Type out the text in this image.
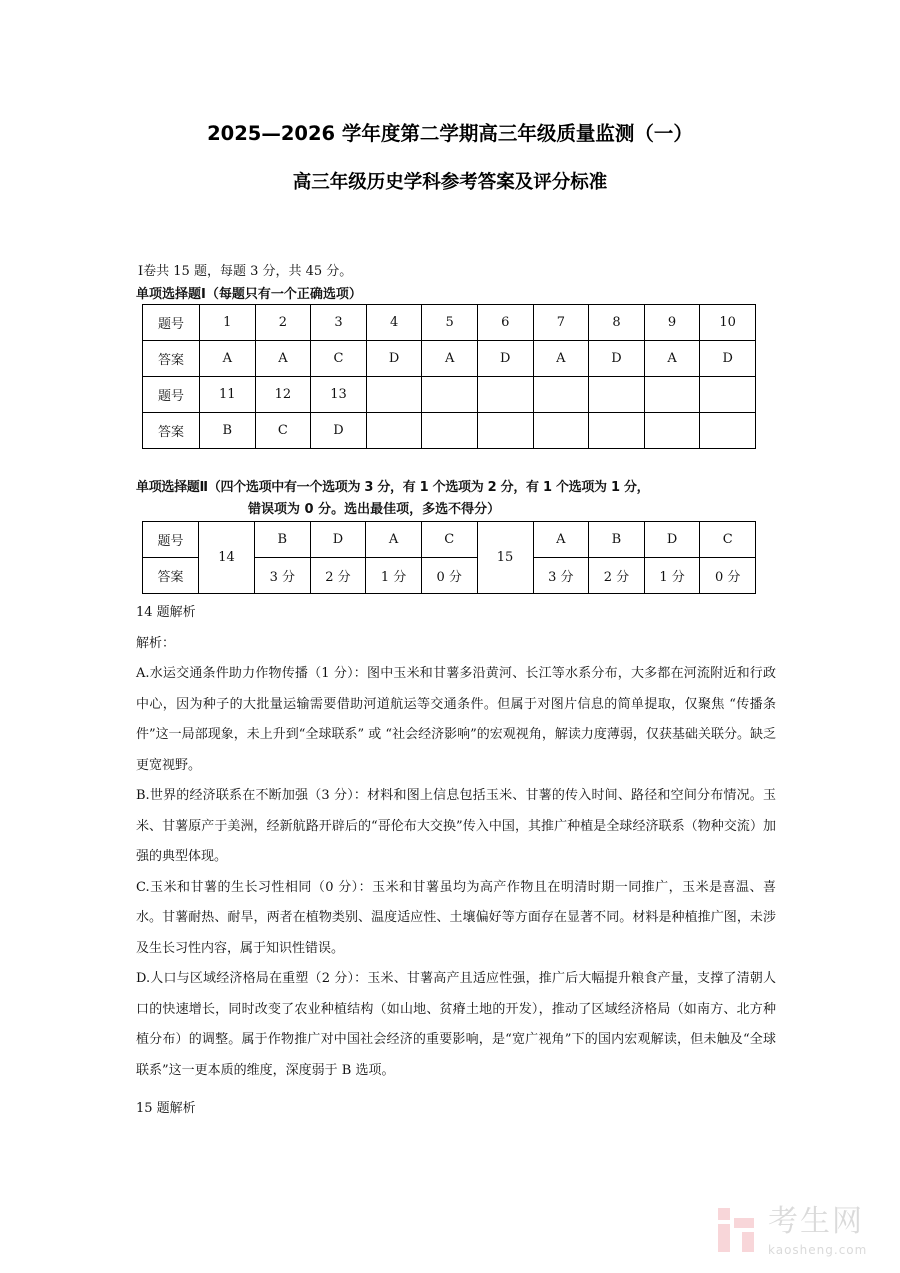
2025—2026 学年度第二学期高三年级质量监测（一）
高三年级历史学科参考答案及评分标准
Ⅰ卷共 15 题，每题 3 分，共 45 分。
单项选择题Ⅰ（每题只有一个正确选项）
题号	1	2	3	4	5	6	7	8	9	10
答案	A	A	C	D	A	D	A	D	A	D
题号	11	12	13							
答案	B	C	D							
单项选择题Ⅱ（四个选项中有一个选项为 3 分，有 1 个选项为 2 分，有 1 个选项为 1 分，
错误项为 0 分。选出最佳项，多选不得分）
题号	14	B	D	A	C	15	A	B	D	C
答案		3 分	2 分	1 分	0 分		3 分	2 分	1 分	0 分

14 题解析

解析：

A.水运交通条件助力作物传播（1 分）：图中玉米和甘薯多沿黄河、长江等水系分布，大多都在河流附近和行政中心，因为种子的大批量运输需要借助河道航运等交通条件。但属于对图片信息的简单提取，仅聚焦 “传播条件”这一局部现象，未上升到“全球联系” 或 “社会经济影响”的宏观视角，解读力度薄弱，仅获基础关联分。缺乏更宽视野。

B.世界的经济联系在不断加强（3 分）：材料和图上信息包括玉米、甘薯的传入时间、路径和空间分布情况。玉米、甘薯原产于美洲，经新航路开辟后的“哥伦布大交换”传入中国，其推广种植是全球经济联系（物种交流）加强的典型体现。

C.玉米和甘薯的生长习性相同（0 分）：玉米和甘薯虽均为高产作物且在明清时期一同推广，玉米是喜温、喜水。甘薯耐热、耐旱，两者在植物类别、温度适应性、土壤偏好等方面存在显著不同。材料是种植推广图，未涉及生长习性内容，属于知识性错误。

D.人口与区域经济格局在重塑（2 分）：玉米、甘薯高产且适应性强，推广后大幅提升粮食产量，支撑了清朝人口的快速增长，同时改变了农业种植结构（如山地、贫瘠土地的开发），推动了区域经济格局（如南方、北方种植分布）的调整。属于作物推广对中国社会经济的重要影响，是“宽广视角”下的国内宏观解读，但未触及“全球联系”这一更本质的维度，深度弱于 B 选项。

15 题解析

考生网
kaosheng.com
